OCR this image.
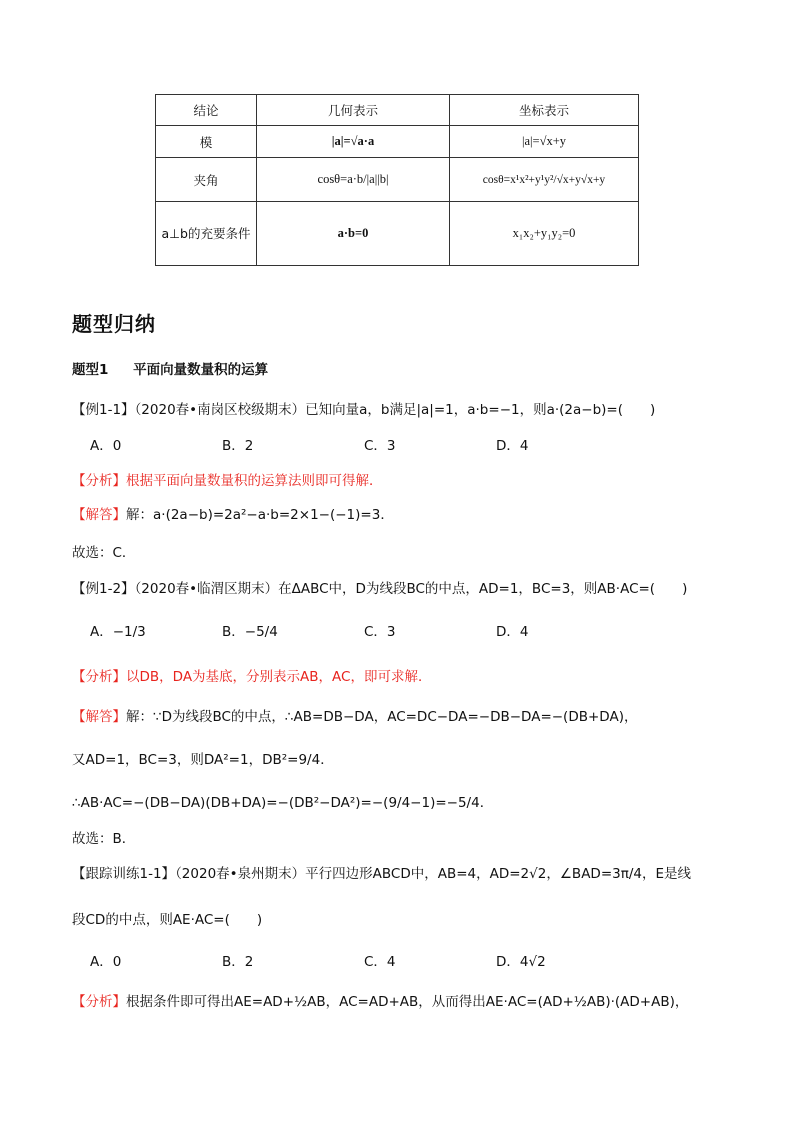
结论	几何表示	坐标表示
模	|a|=√a·a	|a|=√x+y
夹角	cosθ=a·b/|a||b|	cosθ=x¹x²+y¹y²/√x+y√x+y
a⊥b的充要条件	a·b=0	x₁x₂+y₁y₂=0
题型归纳
题型1 平面向量数量积的运算
【例1-1】（2020春•南岗区校级期末）已知向量a，b满足|a|=1，a·b=−1，则a·(2a−b)=(　　)
A．0	B．2	C．3	D．4
【分析】根据平面向量数量积的运算法则即可得解．
【解答】解：a·(2a−b)=2a²−a·b=2×1−(−1)=3．
故选：C．
【例1-2】（2020春•临渭区期末）在ΔABC中，D为线段BC的中点，AD=1，BC=3，则AB·AC=(　　)
A．−1/3	B．−5/4	C．3	D．4
【分析】以DB，DA为基底，分别表示AB，AC，即可求解．
【解答】解：∵D为线段BC的中点，∴AB=DB−DA，AC=DC−DA=−DB−DA=−(DB+DA)，
又AD=1，BC=3，则DA²=1，DB²=9/4．
∴AB·AC=−(DB−DA)(DB+DA)=−(DB²−DA²)=−(9/4−1)=−5/4．
故选：B．
【跟踪训练1-1】（2020春•泉州期末）平行四边形ABCD中，AB=4，AD=2√2，∠BAD=3π/4，E是线
段CD的中点，则AE·AC=(　　)
A．0	B．2	C．4	D．4√2
【分析】根据条件即可得出AE=AD+½AB，AC=AD+AB，从而得出AE·AC=(AD+½AB)·(AD+AB)，
